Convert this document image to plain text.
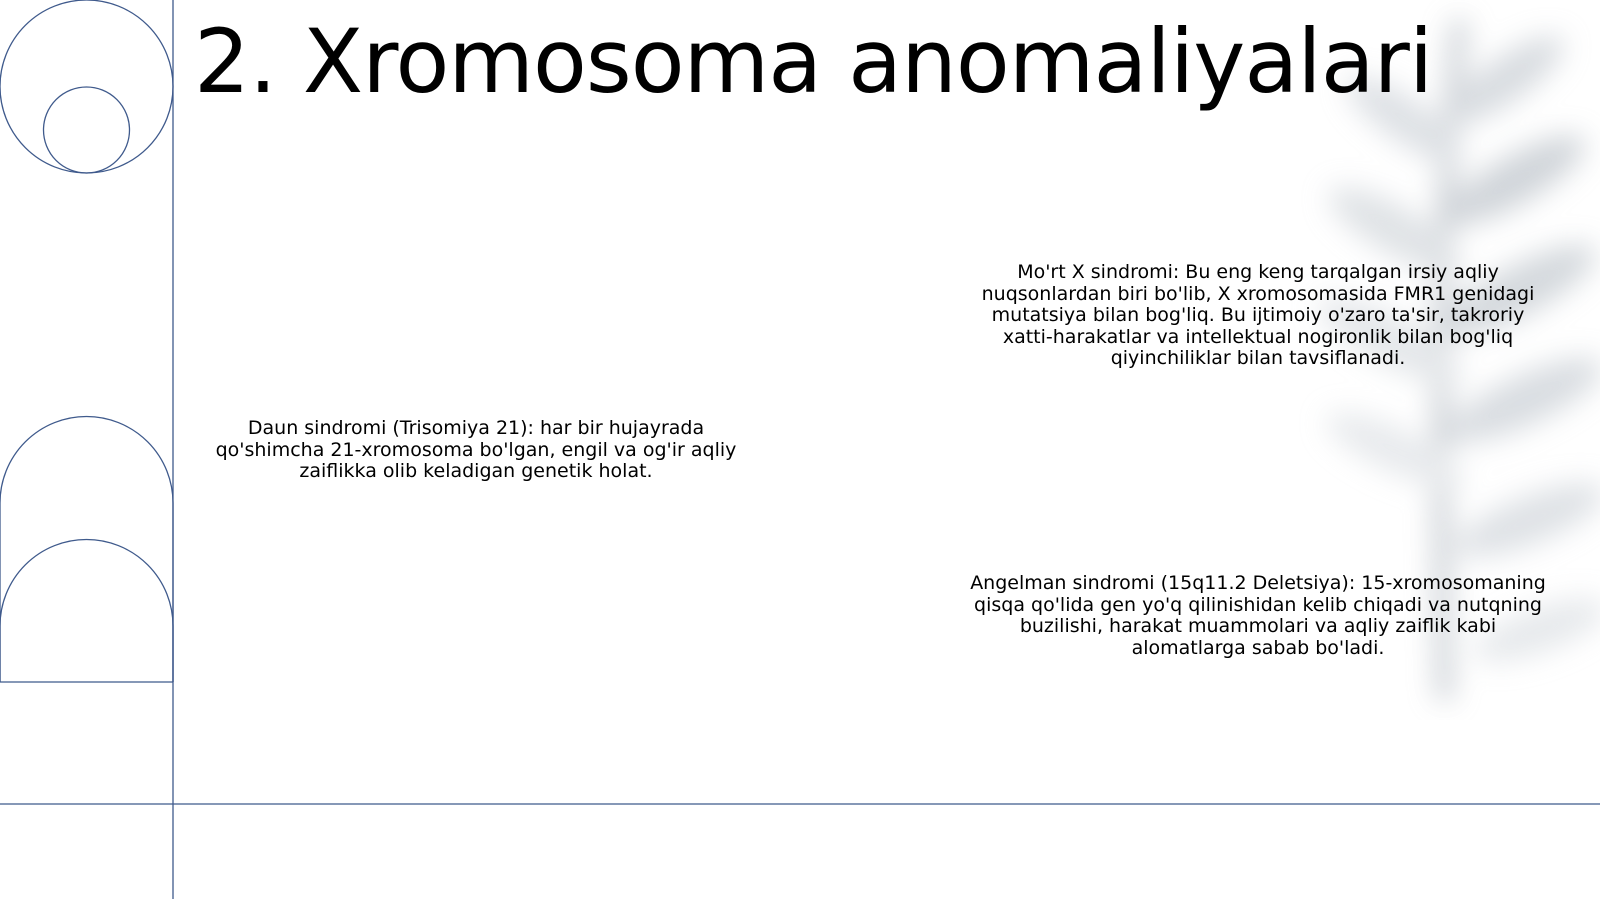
2. Xromosoma anomaliyalari
Daun sindromi (Trisomiya 21): har bir hujayrada qo'shimcha 21-xromosoma bo'lgan, engil va og'ir aqliy zaiflikka olib keladigan genetik holat.
Mo'rt X sindromi: Bu eng keng tarqalgan irsiy aqliy nuqsonlardan biri bo'lib, X xromosomasida FMR1 genidagi mutatsiya bilan bog'liq. Bu ijtimoiy o'zaro ta'sir, takroriy xatti-harakatlar va intellektual nogironlik bilan bog'liq qiyinchiliklar bilan tavsiflanadi.
Angelman sindromi (15q11.2 Deletsiya): 15-xromosomaning qisqa qo'lida gen yo'q qilinishidan kelib chiqadi va nutqning buzilishi, harakat muammolari va aqliy zaiflik kabi alomatlarga sabab bo'ladi.
